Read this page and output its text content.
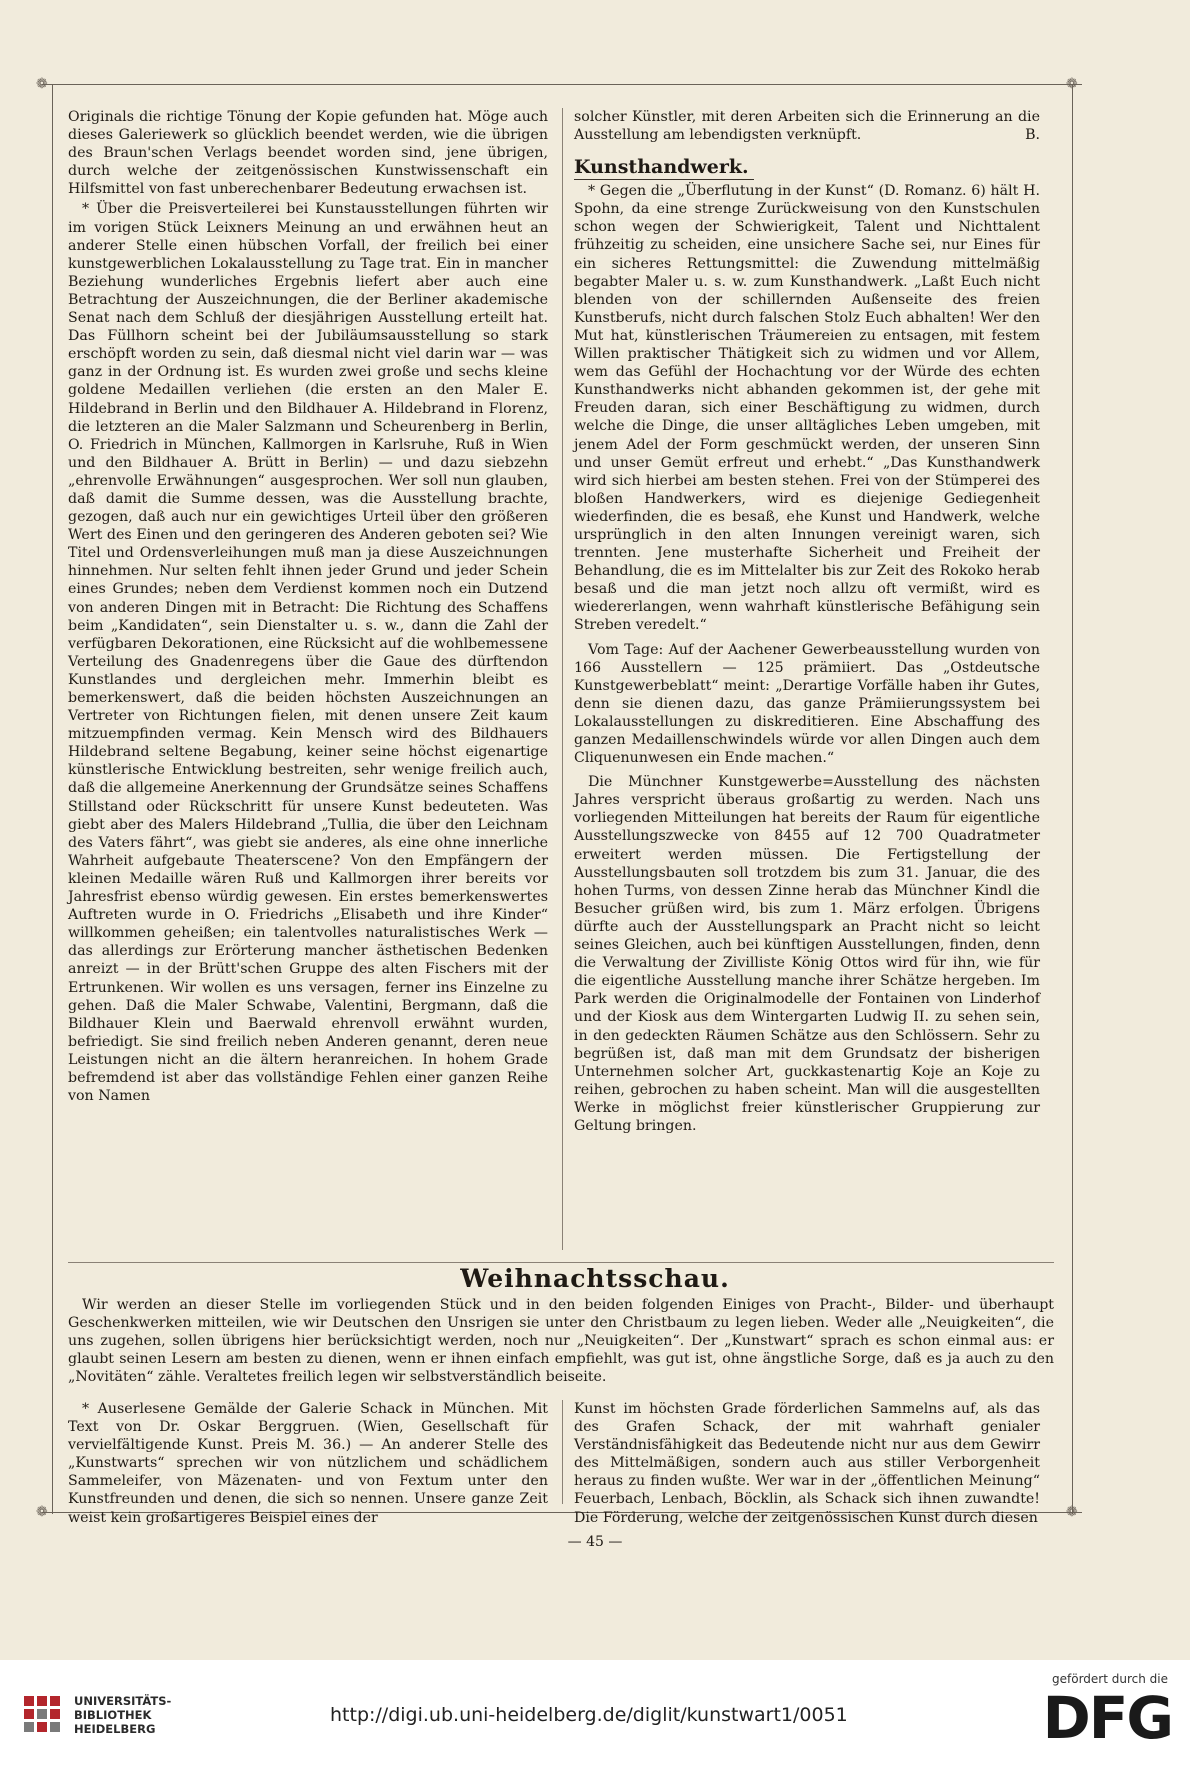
❁	❁
❁	❁

Originals die richtige Tönung der Kopie gefunden hat. Möge auch dieses Galeriewerk so glücklich beendet werden, wie die übrigen des Braun'schen Verlags beendet worden sind, jene übrigen, durch welche der zeitgenössischen Kunstwissenschaft ein Hilfsmittel von fast unberechenbarer Bedeutung erwachsen ist.

* Über die Preisverteilerei bei Kunstausstellungen führten wir im vorigen Stück Leixners Meinung an und erwähnen heut an anderer Stelle einen hübschen Vorfall, der freilich bei einer kunstgewerblichen Lokalausstellung zu Tage trat. Ein in mancher Beziehung wunderliches Ergebnis liefert aber auch eine Betrachtung der Auszeichnungen, die der Berliner akademische Senat nach dem Schluß der diesjährigen Ausstellung erteilt hat. Das Füllhorn scheint bei der Jubiläumsausstellung so stark erschöpft worden zu sein, daß diesmal nicht viel darin war — was ganz in der Ordnung ist. Es wurden zwei große und sechs kleine goldene Medaillen verliehen (die ersten an den Maler E. Hildebrand in Berlin und den Bildhauer A. Hildebrand in Florenz, die letzteren an die Maler Salzmann und Scheurenberg in Berlin, O. Friedrich in München, Kallmorgen in Karlsruhe, Ruß in Wien und den Bildhauer A. Brütt in Berlin) — und dazu siebzehn „ehrenvolle Erwähnungen“ ausgesprochen. Wer soll nun glauben, daß damit die Summe dessen, was die Ausstellung brachte, gezogen, daß auch nur ein gewichtiges Urteil über den größeren Wert des Einen und den geringeren des Anderen geboten sei? Wie Titel und Ordensverleihungen muß man ja diese Auszeichnungen hinnehmen. Nur selten fehlt ihnen jeder Grund und jeder Schein eines Grundes; neben dem Verdienst kommen noch ein Dutzend von anderen Dingen mit in Betracht: Die Richtung des Schaffens beim „Kandidaten“, sein Dienstalter u. s. w., dann die Zahl der verfügbaren Dekorationen, eine Rücksicht auf die wohlbemessene Verteilung des Gnadenregens über die Gaue des dürftendon Kunstlandes und dergleichen mehr. Immerhin bleibt es bemerkenswert, daß die beiden höchsten Auszeichnungen an Vertreter von Richtungen fielen, mit denen unsere Zeit kaum mitzuempfinden vermag. Kein Mensch wird des Bildhauers Hildebrand seltene Begabung, keiner seine höchst eigenartige künstlerische Entwicklung bestreiten, sehr wenige freilich auch, daß die allgemeine Anerkennung der Grundsätze seines Schaffens Stillstand oder Rückschritt für unsere Kunst bedeuteten. Was giebt aber des Malers Hildebrand „Tullia, die über den Leichnam des Vaters fährt“, was giebt sie anderes, als eine ohne innerliche Wahrheit aufgebaute Theaterscene? Von den Empfängern der kleinen Medaille wären Ruß und Kallmorgen ihrer bereits vor Jahresfrist ebenso würdig gewesen. Ein erstes bemerkenswertes Auftreten wurde in O. Friedrichs „Elisabeth und ihre Kinder“ willkommen geheißen; ein talentvolles naturalistisches Werk — das allerdings zur Erörterung mancher ästhetischen Bedenken anreizt — in der Brütt'schen Gruppe des alten Fischers mit der Ertrunkenen. Wir wollen es uns versagen, ferner ins Einzelne zu gehen. Daß die Maler Schwabe, Valentini, Bergmann, daß die Bildhauer Klein und Baerwald ehrenvoll erwähnt wurden, befriedigt. Sie sind freilich neben Anderen genannt, deren neue Leistungen nicht an die ältern heranreichen. In hohem Grade befremdend ist aber das vollständige Fehlen einer ganzen Reihe von Namen

solcher Künstler, mit deren Arbeiten sich die Erinnerung an die Ausstellung am lebendigsten verknüpft.	B.

Kunsthandwerk.

* Gegen die „Überflutung in der Kunst“ (D. Romanz. 6) hält H. Spohn, da eine strenge Zurückweisung von den Kunstschulen schon wegen der Schwierigkeit, Talent und Nichttalent frühzeitig zu scheiden, eine unsichere Sache sei, nur Eines für ein sicheres Rettungsmittel: die Zuwendung mittelmäßig begabter Maler u. s. w. zum Kunsthandwerk. „Laßt Euch nicht blenden von der schillernden Außenseite des freien Kunstberufs, nicht durch falschen Stolz Euch abhalten! Wer den Mut hat, künstlerischen Träumereien zu entsagen, mit festem Willen praktischer Thätigkeit sich zu widmen und vor Allem, wem das Gefühl der Hochachtung vor der Würde des echten Kunsthandwerks nicht abhanden gekommen ist, der gehe mit Freuden daran, sich einer Beschäftigung zu widmen, durch welche die Dinge, die unser alltägliches Leben umgeben, mit jenem Adel der Form geschmückt werden, der unseren Sinn und unser Gemüt erfreut und erhebt.“ „Das Kunsthandwerk wird sich hierbei am besten stehen. Frei von der Stümperei des bloßen Handwerkers, wird es diejenige Gediegenheit wiederfinden, die es besaß, ehe Kunst und Handwerk, welche ursprünglich in den alten Innungen vereinigt waren, sich trennten. Jene musterhafte Sicherheit und Freiheit der Behandlung, die es im Mittelalter bis zur Zeit des Rokoko herab besaß und die man jetzt noch allzu oft vermißt, wird es wiedererlangen, wenn wahrhaft künstlerische Befähigung sein Streben veredelt.“

Vom Tage: Auf der Aachener Gewerbeausstellung wurden von 166 Ausstellern — 125 prämiiert. Das „Ostdeutsche Kunstgewerbeblatt“ meint: „Derartige Vorfälle haben ihr Gutes, denn sie dienen dazu, das ganze Prämiierungssystem bei Lokalausstellungen zu diskreditieren. Eine Abschaffung des ganzen Medaillenschwindels würde vor allen Dingen auch dem Cliquenunwesen ein Ende machen.“

Die Münchner Kunstgewerbe=Ausstellung des nächsten Jahres verspricht überaus großartig zu werden. Nach uns vorliegenden Mitteilungen hat bereits der Raum für eigentliche Ausstellungszwecke von 8455 auf 12 700 Quadratmeter erweitert werden müssen. Die Fertigstellung der Ausstellungsbauten soll trotzdem bis zum 31. Januar, die des hohen Turms, von dessen Zinne herab das Münchner Kindl die Besucher grüßen wird, bis zum 1. März erfolgen. Übrigens dürfte auch der Ausstellungspark an Pracht nicht so leicht seines Gleichen, auch bei künftigen Ausstellungen, finden, denn die Verwaltung der Zivilliste König Ottos wird für ihn, wie für die eigentliche Ausstellung manche ihrer Schätze hergeben. Im Park werden die Originalmodelle der Fontainen von Linderhof und der Kiosk aus dem Wintergarten Ludwig II. zu sehen sein, in den gedeckten Räumen Schätze aus den Schlössern. Sehr zu begrüßen ist, daß man mit dem Grundsatz der bisherigen Unternehmen solcher Art, guckkastenartig Koje an Koje zu reihen, gebrochen zu haben scheint. Man will die ausgestellten Werke in möglichst freier künstlerischer Gruppierung zur Geltung bringen.

Weihnachtsschau.

Wir werden an dieser Stelle im vorliegenden Stück und in den beiden folgenden Einiges von Pracht-, Bilder- und überhaupt Geschenkwerken mitteilen, wie wir Deutschen den Unsrigen sie unter den Christbaum zu legen lieben. Weder alle „Neuigkeiten“, die uns zugehen, sollen übrigens hier berücksichtigt werden, noch nur „Neuigkeiten“. Der „Kunstwart“ sprach es schon einmal aus: er glaubt seinen Lesern am besten zu dienen, wenn er ihnen einfach empfiehlt, was gut ist, ohne ängstliche Sorge, daß es ja auch zu den „Novitäten“ zähle. Veraltetes freilich legen wir selbstverständlich beiseite.

* Auserlesene Gemälde der Galerie Schack in München. Mit Text von Dr. Oskar Berggruen. (Wien, Gesellschaft für vervielfältigende Kunst. Preis M. 36.) — An anderer Stelle des „Kunstwarts“ sprechen wir von nützlichem und schädlichem Sammeleifer, von Mäzenaten- und von Fextum unter den Kunstfreunden und denen, die sich so nennen. Unsere ganze Zeit weist kein großartigeres Beispiel eines der

Kunst im höchsten Grade förderlichen Sammelns auf, als das des Grafen Schack, der mit wahrhaft genialer Verständnisfähigkeit das Bedeutende nicht nur aus dem Gewirr des Mittelmäßigen, sondern auch aus stiller Verborgenheit heraus zu finden wußte. Wer war in der „öffentlichen Meinung“ Feuerbach, Lenbach, Böcklin, als Schack sich ihnen zuwandte! Die Förderung, welche der zeitgenössischen Kunst durch diesen

— 45 —
UNIVERSITÄTS-
BIBLIOTHEK
HEIDELBERG
http://digi.ub.uni-heidelberg.de/diglit/kunstwart1/0051
gefördert durch die
DFG
